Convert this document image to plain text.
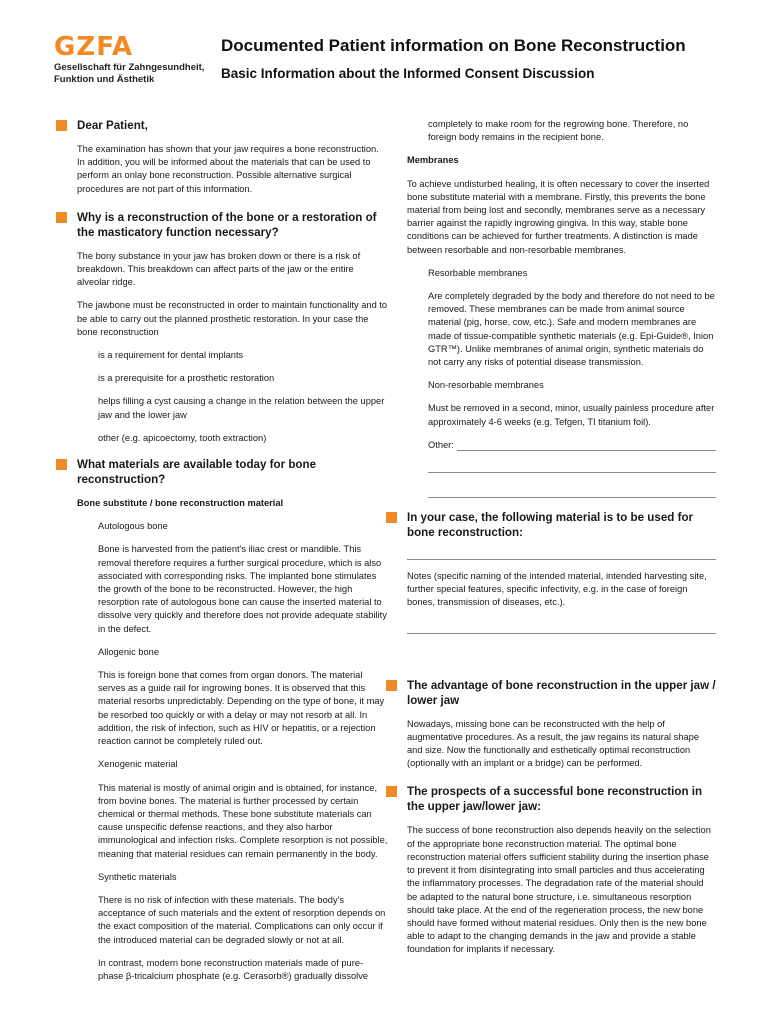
GZFA
Gesellschaft für Zahngesundheit,
Funktion und Ästhetik
Documented Patient information on Bone Reconstruction
Basic Information about the Informed Consent Discussion
Dear Patient,

The examination has shown that your jaw requires a bone reconstruction. In addition, you will be informed about the materials that can be used to perform an onlay bone reconstruction. Possible alternative surgical procedures are not part of this information.

Why is a reconstruction of the bone or a restoration of the masticatory function necessary?

The bony substance in your jaw has broken down or there is a risk of breakdown. This breakdown can affect parts of the jaw or the entire alveolar ridge.

The jawbone must be reconstructed in order to maintain functionality and to be able to carry out the planned prosthetic restoration. In your case the bone reconstruction

is a requirement for dental implants

is a prerequisite for a prosthetic restoration

helps filling a cyst causing a change in the relation between the upper jaw and the lower jaw

other (e.g. apicoectomy, tooth extraction)

What materials are available today for bone reconstruction?
Bone substitute / bone reconstruction material

Autologous bone

Bone is harvested from the patient's iliac crest or mandible. This removal therefore requires a further surgical procedure, which is also associated with corresponding risks. The implanted bone stimulates the growth of the bone to be reconstructed. However, the high resorption rate of autologous bone can cause the inserted material to dissolve very quickly and therefore does not provide adequate stability in the defect.

Allogenic bone

This is foreign bone that comes from organ donors. The material serves as a guide rail for ingrowing bones. It is observed that this material resorbs unpredictably. Depending on the type of bone, it may be resorbed too quickly or with a delay or may not resorb at all. In addition, the risk of infection, such as HIV or hepatitis, or a rejection reaction cannot be completely ruled out.

Xenogenic material

This material is mostly of animal origin and is obtained, for instance, from bovine bones. The material is further processed by certain chemical or thermal methods. These bone substitute materials can cause unspecific defense reactions, and they also harbor immunological and infection risks. Complete resorption is not possible, meaning that material residues can remain permanently in the body.

Synthetic materials

There is no risk of infection with these materials. The body's acceptance of such materials and the extent of resorption depends on the exact composition of the material. Complications can only occur if the introduced material can be degraded slowly or not at all.

In contrast, modern bone reconstruction materials made of pure-phase β-tricalcium phosphate (e.g. Cerasorb®) gradually dissolve

completely to make room for the regrowing bone. Therefore, no foreign body remains in the recipient bone.

Membranes

To achieve undisturbed healing, it is often necessary to cover the inserted bone substitute material with a membrane. Firstly, this prevents the bone material from being lost and secondly, membranes serve as a necessary barrier against the rapidly ingrowing gingiva. In this way, stable bone conditions can be achieved for further treatments. A distinction is made between resorbable and non-resorbable membranes.

Resorbable membranes

Are completely degraded by the body and therefore do not need to be removed. These membranes can be made from animal source material (pig, horse, cow, etc.). Safe and modern membranes are made of tissue-compatible synthetic materials (e.g. Epi-Guide®, Inion GTR™). Unlike membranes of animal origin, synthetic materials do not carry any risks of potential disease transmission.

Non-resorbable membranes

Must be removed in a second, minor, usually painless procedure after approximately 4-6 weeks (e.g. Tefgen, TI titanium foil).

Other:
In your case, the following material is to be used for bone reconstruction:

Notes (specific naming of the intended material, intended harvesting site, further special features, specific infectivity, e.g. in the case of foreign bones, transmission of diseases, etc.).

The advantage of bone reconstruction in the upper jaw / lower jaw

Nowadays, missing bone can be reconstructed with the help of augmentative procedures. As a result, the jaw regains its natural shape and size. Now the functionally and esthetically optimal reconstruction (optionally with an implant or a bridge) can be performed.

The prospects of a successful bone reconstruction in the upper jaw/lower jaw:

The success of bone reconstruction also depends heavily on the selection of the appropriate bone reconstruction material. The optimal bone reconstruction material offers sufficient stability during the insertion phase to prevent it from disintegrating into small particles and thus accelerating the inflammatory processes. The degradation rate of the material should be adapted to the natural bone structure, i.e. simultaneous resorption should take place. At the end of the regeneration process, the new bone should have formed without material residues. Only then is the new bone able to adapt to the changing demands in the jaw and provide a stable foundation for implants if necessary.
